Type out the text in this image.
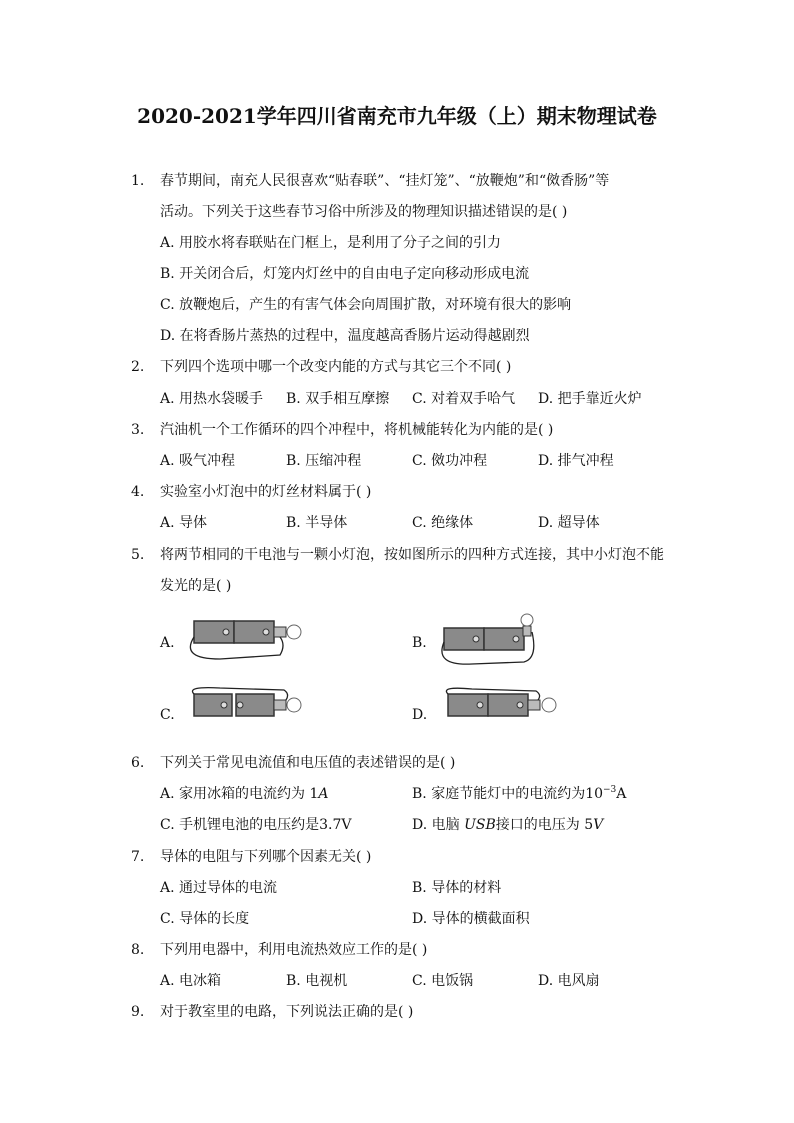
2020-2021学年四川省南充市九年级（上）期末物理试卷
1. 春节期间，南充人民很喜欢“贴春联”、“挂灯笼”、“放鞭炮”和“傚香肠”等
活动。下列关于这些春节习俗中所涉及的物理知识描述错误的是( )
A. 用胶水将春联贴在门框上，是利用了分子之间的引力
B. 开关闭合后，灯笼内灯丝中的自由电子定向移动形成电流
C. 放鞭炮后，产生的有害气体会向周围扩散，对环境有很大的影响
D. 在将香肠片蒸热的过程中，温度越高香肠片运动得越剧烈
2. 下列四个选项中哪一个改变内能的方式与其它三个不同( )
A. 用热水袋暖手 B. 双手相互摩擦 C. 对着双手哈气 D. 把手靠近火炉
3. 汽油机一个工作循环的四个冲程中，将机械能转化为内能的是( )
A. 吸气冲程	B. 压缩冲程	C. 傚功冲程	D. 排气冲程
4. 实验室小灯泡中的灯丝材料属于( )
A. 导体	B. 半导体	C. 绝缘体	D. 超导体
5. 将两节相同的干电池与一颗小灯泡，按如图所示的四种方式连接，其中小灯泡不能
发光的是( )
A.	B.
C.	D.
6. 下列关于常见电流值和电压值的表述错误的是( )
A. 家用冰箱的电流约为 1A	B. 家庭节能灯中的电流约为$10^{-3}A$
C. 手机锂电池的电压约是3.7V	D. 电脑 USB接口的电压为 5V
7. 导体的电阻与下列哪个因素无关( )
A. 通过导体的电流	B. 导体的材料
C. 导体的长度	D. 导体的横截面积
8. 下列用电器中，利用电流热效应工作的是( )
A. 电冰箱	B. 电视机	C. 电饭锅	D. 电风扇
9. 对于教室里的电路，下列说法正确的是( )
